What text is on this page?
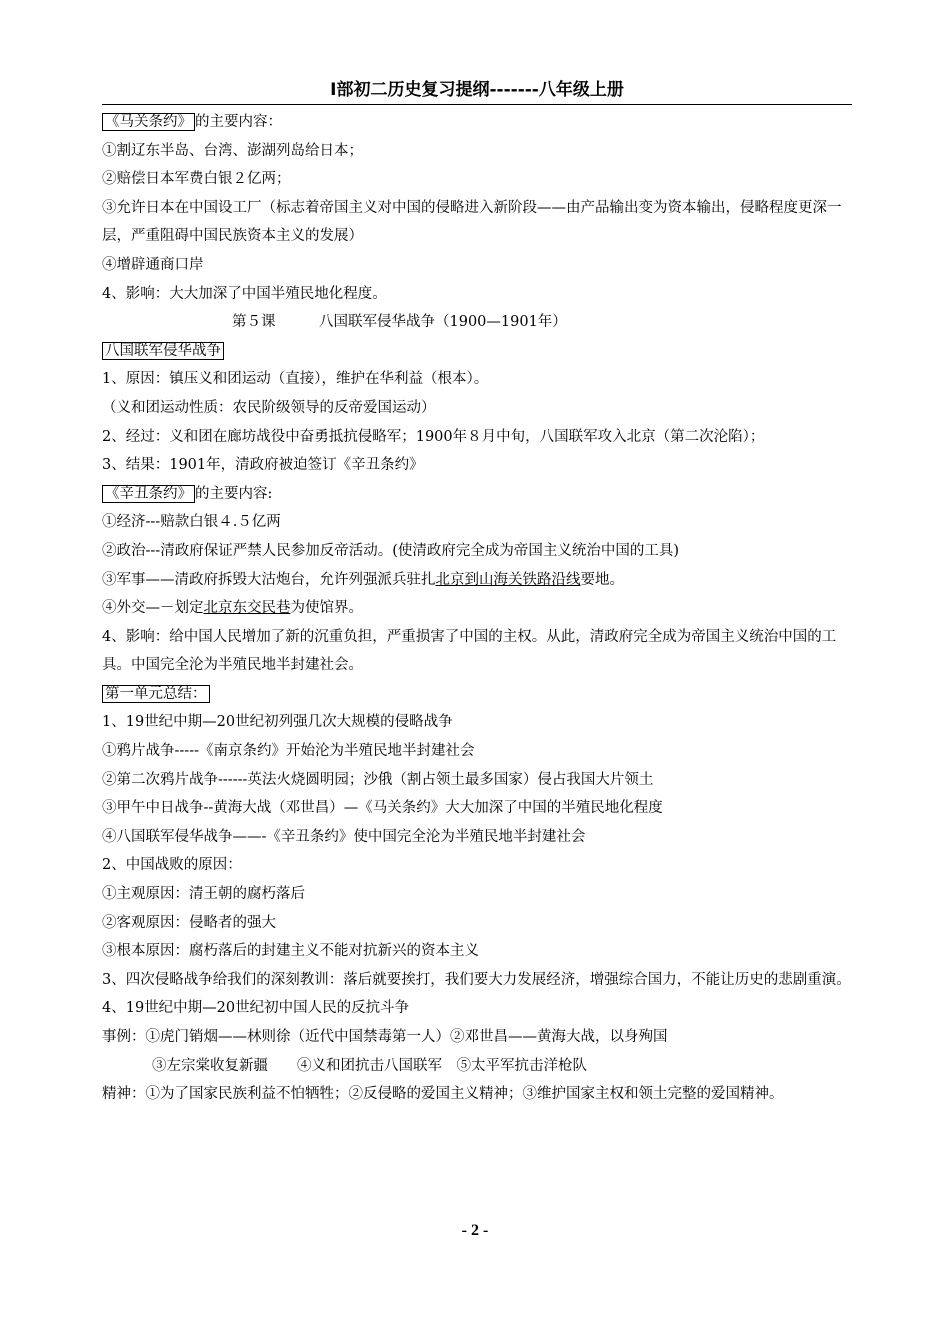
Ⅰ部初二历史复习提纲-------八年级上册
《马关条约》 的主要内容：
①割辽东半岛、台湾、澎湖列岛给日本；
②赔偿日本军费白银２亿两；
③允许日本在中国设工厂（标志着帝国主义对中国的侵略进入新阶段——由产品输出变为资本输出，侵略程度更深一层，严重阻碍中国民族资本主义的发展）
④增辟通商口岸
4、影响：大大加深了中国半殖民地化程度。
第５课　　　八国联军侵华战争（1900—1901年）
八国联军侵华战争
1、原因：镇压义和团运动（直接），维护在华利益（根本）。
（义和团运动性质：农民阶级领导的反帝爱国运动）
2、经过：义和团在廊坊战役中奋勇抵抗侵略军；1900年８月中旬，八国联军攻入北京（第二次沦陷）；
3、结果：1901年，清政府被迫签订《辛丑条约》
《辛丑条约》 的主要内容:
①经济---赔款白银４.５亿两
②政治---清政府保证严禁人民参加反帝活动。(使清政府完全成为帝国主义统治中国的工具)
③军事——清政府拆毁大沽炮台，允许列强派兵驻扎北京到山海关铁路沿线要地。
④外交—－划定北京东交民巷为使馆界。
4、影响：给中国人民增加了新的沉重负担，严重损害了中国的主权。从此，清政府完全成为帝国主义统治中国的工具。中国完全沦为半殖民地半封建社会。
第一单元总结：
1、19世纪中期—20世纪初列强几次大规模的侵略战争
①鸦片战争-----《南京条约》开始沦为半殖民地半封建社会
②第二次鸦片战争------英法火烧圆明园；沙俄（割占领土最多国家）侵占我国大片领土
③甲午中日战争--黄海大战（邓世昌）—《马关条约》大大加深了中国的半殖民地化程度
④八国联军侵华战争——-《辛丑条约》使中国完全沦为半殖民地半封建社会
2、中国战败的原因：
①主观原因：清王朝的腐朽落后
②客观原因：侵略者的强大
③根本原因：腐朽落后的封建主义不能对抗新兴的资本主义
3、四次侵略战争给我们的深刻教训：落后就要挨打，我们要大力发展经济，增强综合国力，不能让历史的悲剧重演。
4、19世纪中期—20世纪初中国人民的反抗斗争
事例：①虎门销烟——林则徐（近代中国禁毒第一人）②邓世昌——黄海大战，以身殉国
③左宗棠收复新疆　　④义和团抗击八国联军　⑤太平军抗击洋枪队
精神：①为了国家民族利益不怕牺牲；②反侵略的爱国主义精神；③维护国家主权和领土完整的爱国精神。
- 2 -
